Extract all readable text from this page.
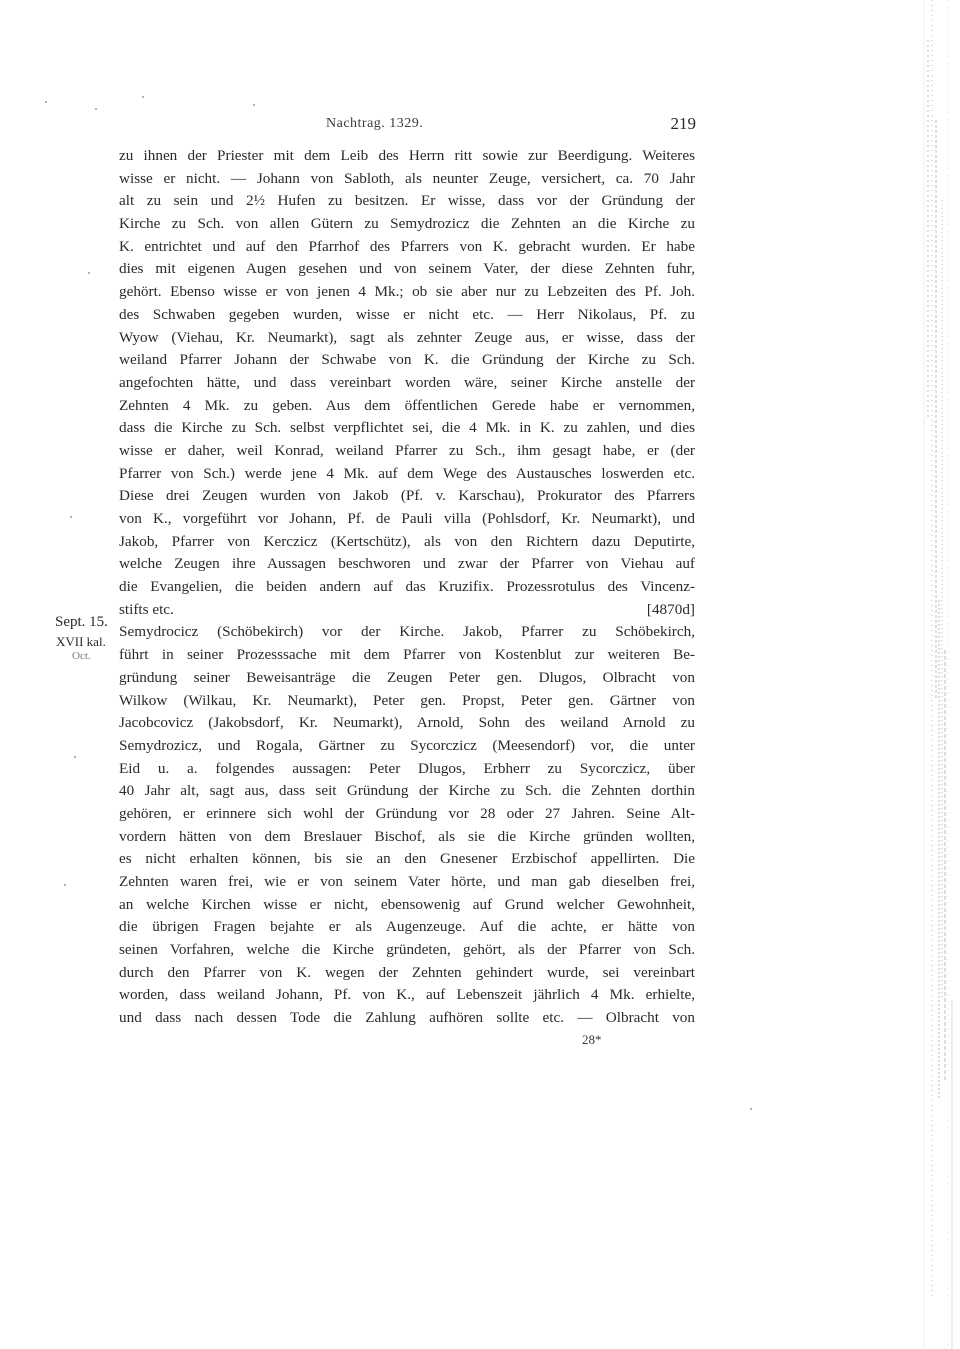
Nachtrag. 1329.	219
zu ihnen der Priester mit dem Leib des Herrn ritt sowie zur Beerdigung. Weiteres
wisse er nicht. — Johann von Sabloth, als neunter Zeuge, versichert, ca. 70 Jahr
alt zu sein und 2½ Hufen zu besitzen. Er wisse, dass vor der Gründung der
Kirche zu Sch. von allen Gütern zu Semydrozicz die Zehnten an die Kirche zu
K. entrichtet und auf den Pfarrhof des Pfarrers von K. gebracht wurden. Er habe
dies mit eigenen Augen gesehen und von seinem Vater, der diese Zehnten fuhr,
gehört. Ebenso wisse er von jenen 4 Mk.; ob sie aber nur zu Lebzeiten des Pf. Joh.
des Schwaben gegeben wurden, wisse er nicht etc. — Herr Nikolaus, Pf. zu
Wyow (Viehau, Kr. Neumarkt), sagt als zehnter Zeuge aus, er wisse, dass der
weiland Pfarrer Johann der Schwabe von K. die Gründung der Kirche zu Sch.
angefochten hätte, und dass vereinbart worden wäre, seiner Kirche anstelle der
Zehnten 4 Mk. zu geben. Aus dem öffentlichen Gerede habe er vernommen,
dass die Kirche zu Sch. selbst verpflichtet sei, die 4 Mk. in K. zu zahlen, und dies
wisse er daher, weil Konrad, weiland Pfarrer zu Sch., ihm gesagt habe, er (der
Pfarrer von Sch.) werde jene 4 Mk. auf dem Wege des Austausches loswerden etc.
Diese drei Zeugen wurden von Jakob (Pf. v. Karschau), Prokurator des Pfarrers
von K., vorgeführt vor Johann, Pf. de Pauli villa (Pohlsdorf, Kr. Neumarkt), und
Jakob, Pfarrer von Kerczicz (Kertschütz), als von den Richtern dazu Deputirte,
welche Zeugen ihre Aussagen beschworen und zwar der Pfarrer von Viehau auf
die Evangelien, die beiden andern auf das Kruzifix. Prozessrotulus des Vincenz-
stifts etc.	[4870d]
Semydrocicz (Schöbekirch) vor der Kirche. Jakob, Pfarrer zu Schöbekirch,
führt in seiner Prozesssache mit dem Pfarrer von Kostenblut zur weiteren Be-
gründung seiner Beweisanträge die Zeugen Peter gen. Dlugos, Olbracht von
Wilkow (Wilkau, Kr. Neumarkt), Peter gen. Propst, Peter gen. Gärtner von
Jacobcovicz (Jakobsdorf, Kr. Neumarkt), Arnold, Sohn des weiland Arnold zu
Semydrozicz, und Rogala, Gärtner zu Sycorczicz (Meesendorf) vor, die unter
Eid u. a. folgendes aussagen: Peter Dlugos, Erbherr zu Sycorczicz, über
40 Jahr alt, sagt aus, dass seit Gründung der Kirche zu Sch. die Zehnten dorthin
gehören, er erinnere sich wohl der Gründung vor 28 oder 27 Jahren. Seine Alt-
vordern hätten von dem Breslauer Bischof, als sie die Kirche gründen wollten,
es nicht erhalten können, bis sie an den Gnesener Erzbischof appellirten. Die
Zehnten waren frei, wie er von seinem Vater hörte, und man gab dieselben frei,
an welche Kirchen wisse er nicht, ebensowenig auf Grund welcher Gewohnheit,
die übrigen Fragen bejahte er als Augenzeuge. Auf die achte, er hätte von
seinen Vorfahren, welche die Kirche gründeten, gehört, als der Pfarrer von Sch.
durch den Pfarrer von K. wegen der Zehnten gehindert wurde, sei vereinbart
worden, dass weiland Johann, Pf. von K., auf Lebenszeit jährlich 4 Mk. erhielte,
und dass nach dessen Tode die Zahlung aufhören sollte etc. — Olbracht von
Sept. 15.
XVII kal.
Oct.
28*
